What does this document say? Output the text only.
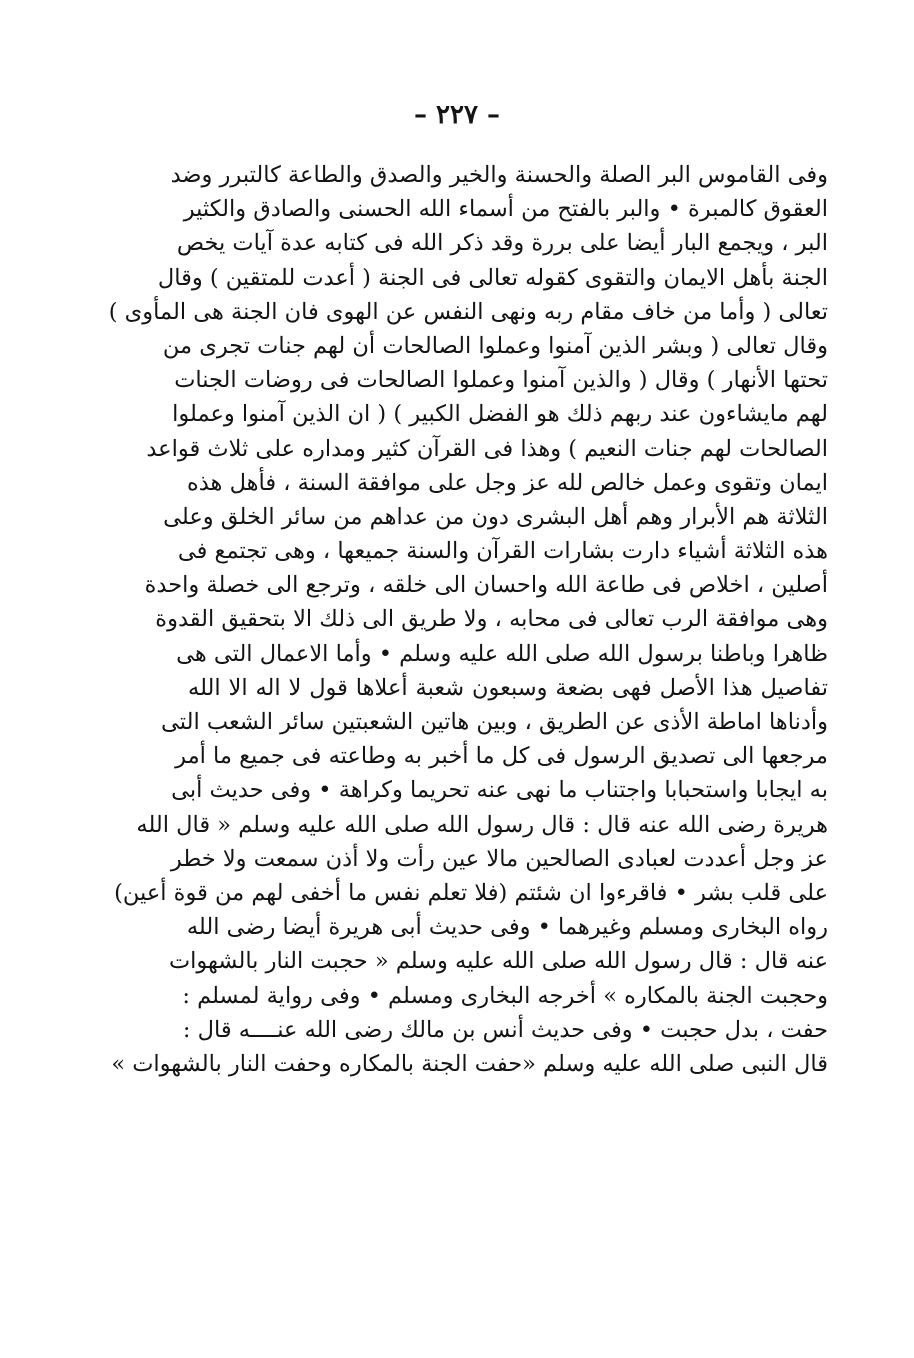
– ٢٢٧ –
وفى القاموس البر الصلة والحسنة والخير والصدق والطاعة كالتبرر وضد
العقوق كالمبرة • والبر بالفتح من أسماء الله الحسنى والصادق والكثير
البر ، ويجمع البار أيضا على بررة وقد ذكر الله فى كتابه عدة آيات يخص
الجنة بأهل الايمان والتقوى كقوله تعالى فى الجنة ( أعدت للمتقين ) وقال
تعالى ( وأما من خاف مقام ربه ونهى النفس عن الهوى فان الجنة هى المأوى )
وقال تعالى ( وبشر الذين آمنوا وعملوا الصالحات أن لهم جنات تجرى من
تحتها الأنهار ) وقال ( والذين آمنوا وعملوا الصالحات فى روضات الجنات
لهم مايشاءون عند ربهم ذلك هو الفضل الكبير ) ( ان الذين آمنوا وعملوا
الصالحات لهم جنات النعيم ) وهذا فى القرآن كثير ومداره على ثلاث قواعد
ايمان وتقوى وعمل خالص لله عز وجل على موافقة السنة ، فأهل هذه
الثلاثة هم الأبرار وهم أهل البشرى دون من عداهم من سائر الخلق وعلى
هذه الثلاثة أشياء دارت بشارات القرآن والسنة جميعها ، وهى تجتمع فى
أصلين ، اخلاص فى طاعة الله واحسان الى خلقه ، وترجع الى خصلة واحدة
وهى موافقة الرب تعالى فى محابه ، ولا طريق الى ذلك الا بتحقيق القدوة
ظاهرا وباطنا برسول الله صلى الله عليه وسلم • وأما الاعمال التى هى
تفاصيل هذا الأصل فهى بضعة وسبعون شعبة أعلاها قول لا اله الا الله
وأدناها اماطة الأذى عن الطريق ، وبين هاتين الشعبتين سائر الشعب التى
مرجعها الى تصديق الرسول فى كل ما أخبر به وطاعته فى جميع ما أمر
به ايجابا واستحبابا واجتناب ما نهى عنه تحريما وكراهة • وفى حديث أبى
هريرة رضى الله عنه قال : قال رسول الله صلى الله عليه وسلم « قال الله
عز وجل أعددت لعبادى الصالحين مالا عين رأت ولا أذن سمعت ولا خطر
على قلب بشر • فاقرءوا ان شئتم (فلا تعلم نفس ما أخفى لهم من قوة أعين)
رواه البخارى ومسلم وغيرهما • وفى حديث أبى هريرة أيضا رضى الله
عنه قال : قال رسول الله صلى الله عليه وسلم « حجبت النار بالشهوات
وحجبت الجنة بالمكاره » أخرجه البخارى ومسلم • وفى رواية لمسلم :
حفت ، بدل حجبت • وفى حديث أنس بن مالك رضى الله عنــــه قال :
قال النبى صلى الله عليه وسلم «حفت الجنة بالمكاره وحفت النار بالشهوات »
